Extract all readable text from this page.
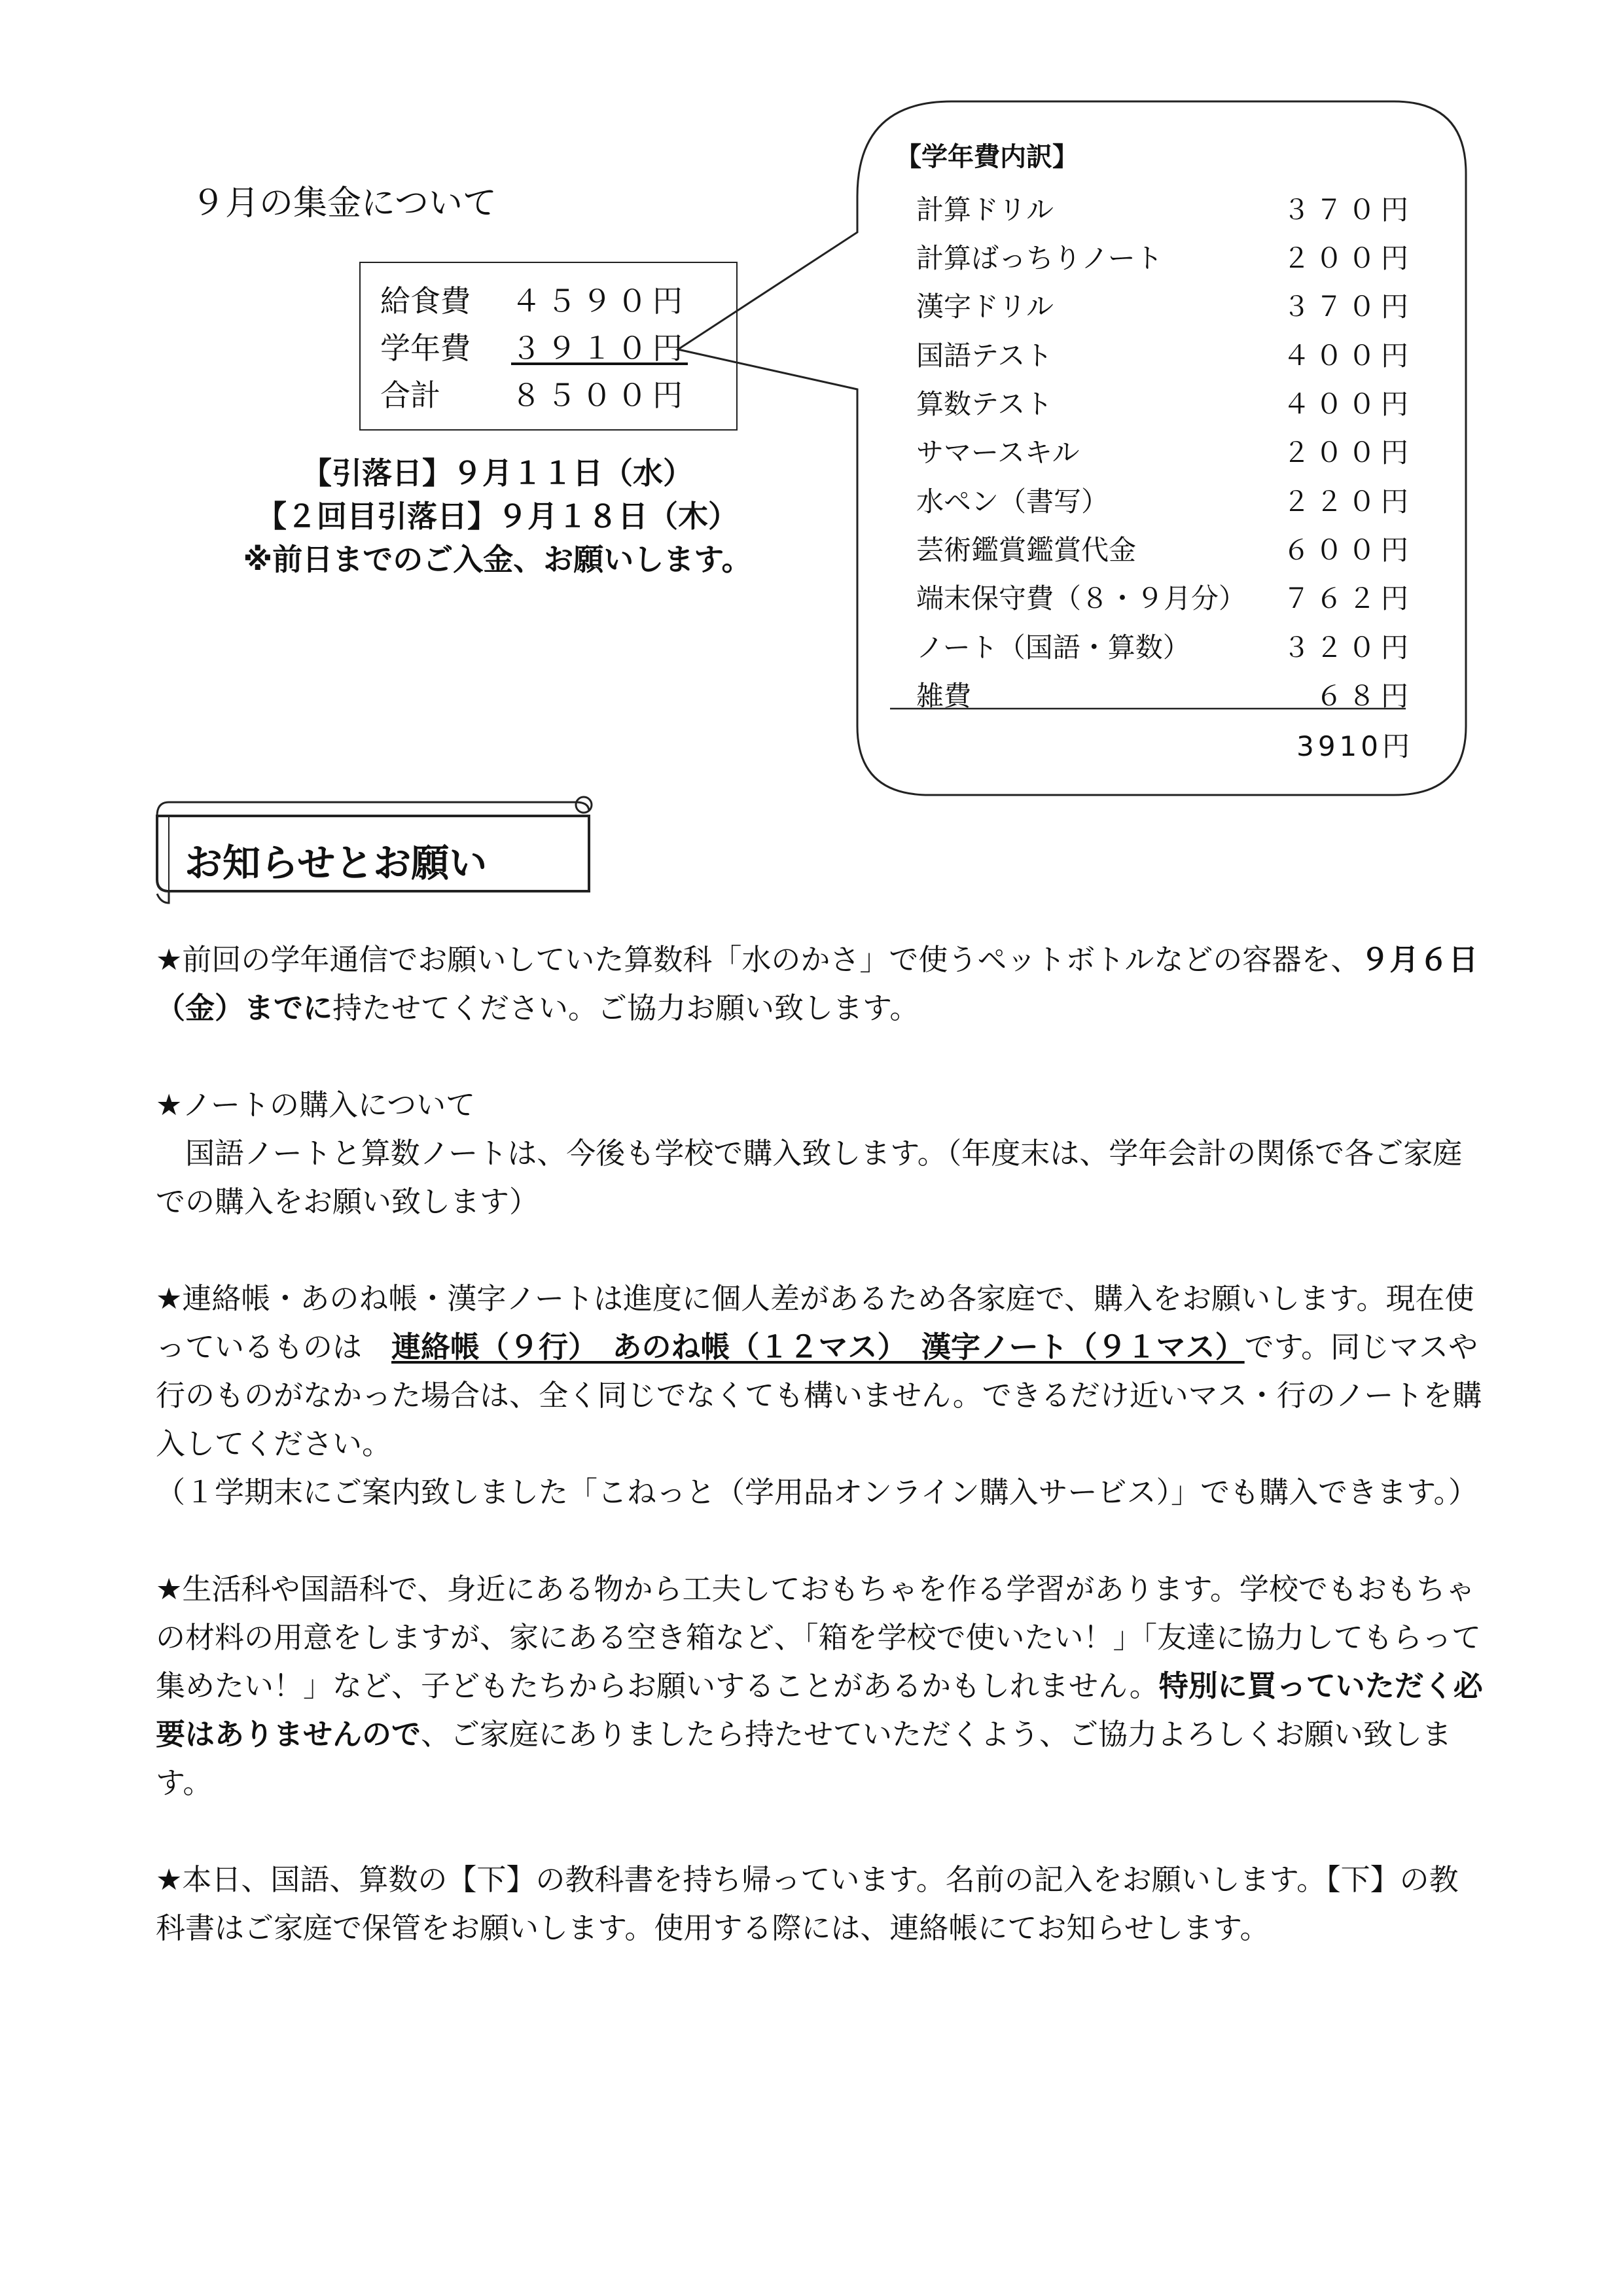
９月の集金について
給食費 ４５９０円
学年費 ３９１０円
合計 ８５００円
【引落日】９月１１日（水）
【２回目引落日】９月１８日（木）
※前日までのご入金、お願いします。
【学年費内訳】
計算ドリル	３７０円
計算ばっちりノート	２００円
漢字ドリル	３７０円
国語テスト	４００円
算数テスト	４００円
サマースキル	２００円
水ペン（書写）	２２０円
芸術鑑賞鑑賞代金	６００円
端末保守費（８・９月分） ７６２円
ノート（国語・算数）	３２０円
雑費	６８円
3910円
お知らせとお願い

★前回の学年通信でお願いしていた算数科「水のかさ」で使うペットボトルなどの容器を、９月６日（金）までに持たせてください。ご協力お願い致します。

★ノートの購入について
　国語ノートと算数ノートは、今後も学校で購入致します。（年度末は、学年会計の関係で各ご家庭での購入をお願い致します）

★連絡帳・あのね帳・漢字ノートは進度に個人差があるため各家庭で、購入をお願いします。現在使っているものは　連絡帳（９行）　あのね帳（１２マス）　漢字ノート（９１マス）です。同じマスや行のものがなかった場合は、全く同じでなくても構いません。できるだけ近いマス・行のノートを購入してください。
（１学期末にご案内致しました「こねっと（学用品オンライン購入サービス）」でも購入できます。）

★生活科や国語科で、身近にある物から工夫しておもちゃを作る学習があります。学校でもおもちゃの材料の用意をしますが、家にある空き箱など、「箱を学校で使いたい！」「友達に協力してもらって集めたい！」など、子どもたちからお願いすることがあるかもしれません。特別に買っていただく必要はありませんので、ご家庭にありましたら持たせていただくよう、ご協力よろしくお願い致します。

★本日、国語、算数の【下】の教科書を持ち帰っています。名前の記入をお願いします。【下】の教科書はご家庭で保管をお願いします。使用する際には、連絡帳にてお知らせします。
